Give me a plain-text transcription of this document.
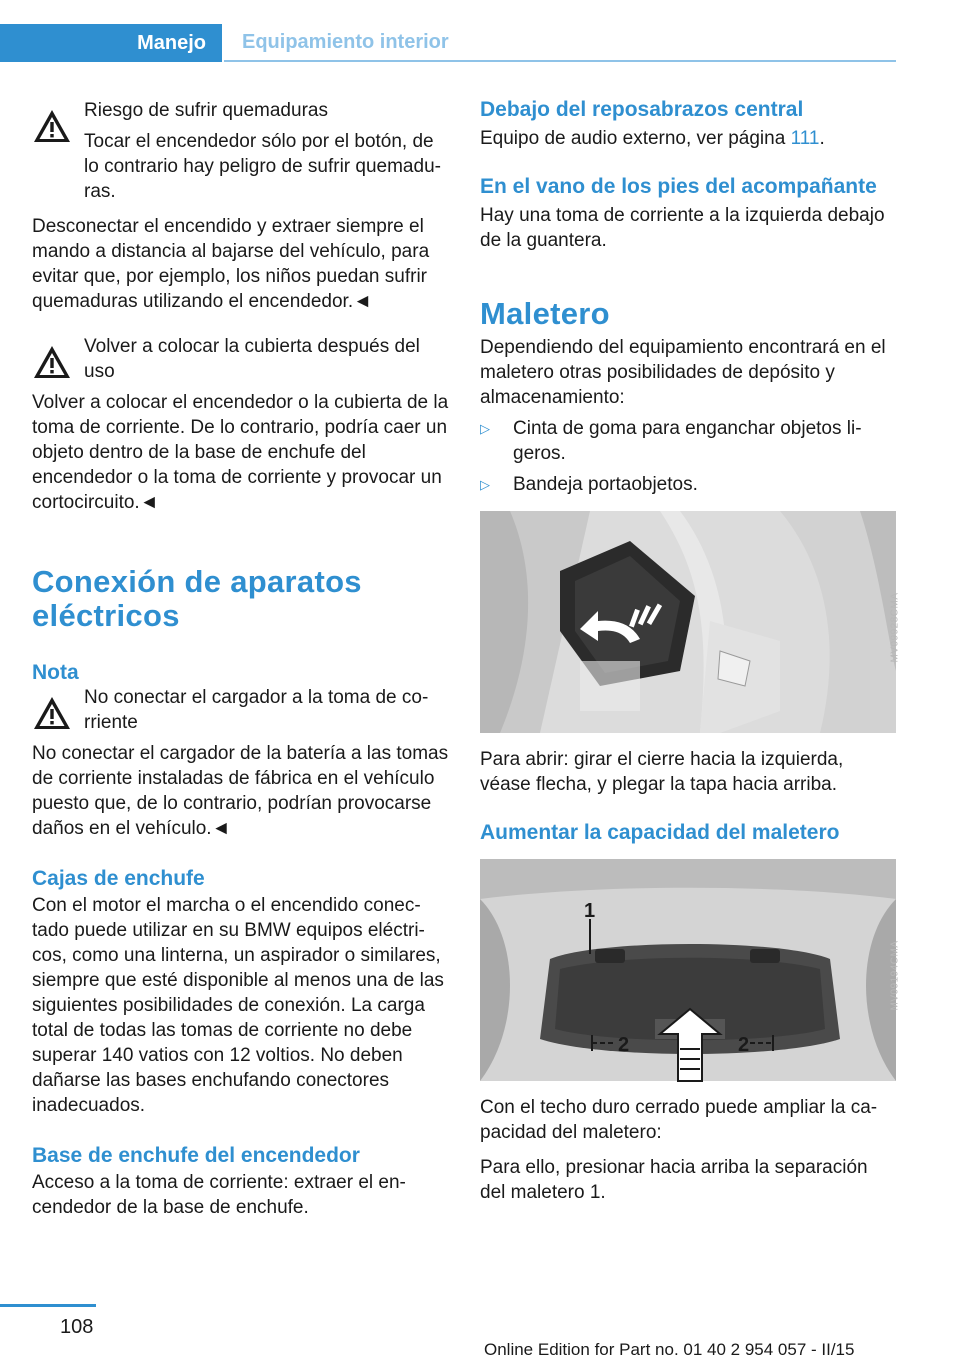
Manejo	Equipamiento interior

Riesgo de sufrir quemaduras

Tocar el encendedor sólo por el botón, de lo contrario hay peligro de sufrir quemaduras.

Desconectar el encendido y extraer siempre el mando a distancia al bajarse del vehículo, para evitar que, por ejemplo, los niños puedan sufrir quemaduras utilizando el encendedor.◄

Volver a colocar la cubierta después del uso

Volver a colocar el encendedor o la cubierta de la toma de corriente. De lo contrario, podría caer un objeto dentro de la base de enchufe del encendedor o la toma de corriente y provocar un cortocircuito.◄

Conexión de aparatos eléctricos
Nota

No conectar el cargador a la toma de corriente

No conectar el cargador de la batería a las tomas de corriente instaladas de fábrica en el vehículo puesto que, de lo contrario, podrían provocarse daños en el vehículo.◄

Cajas de enchufe

Con el motor el marcha o el encendido conectado puede utilizar en su BMW equipos eléctricos, como una linterna, un aspirador o similares, siempre que esté disponible al menos una de las siguientes posibilidades de conexión. La carga total de todas las tomas de corriente no debe superar 140 vatios con 12 voltios. No deben dañarse las bases enchufando conectores inadecuados.

Base de enchufe del encendedor

Acceso a la toma de corriente: extraer el encendedor de la base de enchufe.

Debajo del reposabrazos central

Equipo de audio externo, ver página 111.

En el vano de los pies del acompañante

Hay una toma de corriente a la izquierda debajo de la guantera.

Maletero

Dependiendo del equipamiento encontrará en el maletero otras posibilidades de depósito y almacenamiento:

▷ Cinta de goma para enganchar objetos ligeros.
▷ Bandeja portaobjetos.
MV09928CMA

Para abrir: girar el cierre hacia la izquierda, véase flecha, y plegar la tapa hacia arriba.

Aumentar la capacidad del maletero
1
2	2
MV09194CMA

Con el techo duro cerrado puede ampliar la capacidad del maletero:

Para ello, presionar hacia arriba la separación del maletero 1.

108
Online Edition for Part no. 01 40 2 954 057 - II/15
